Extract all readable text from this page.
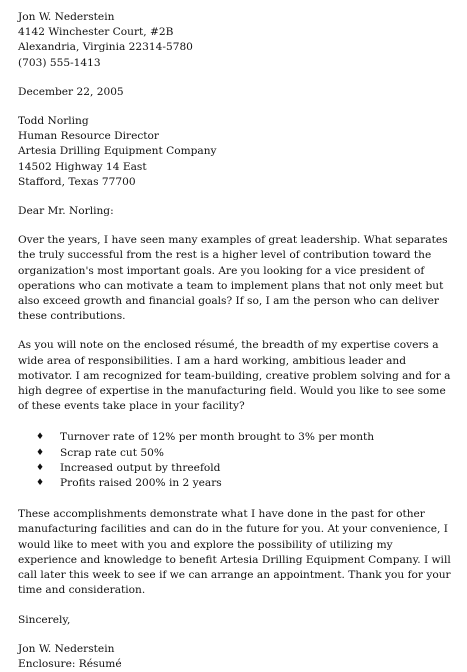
Jon W. Nederstein
4142 Winchester Court, #2B
Alexandria, Virginia 22314-5780
(703) 555-1413
December 22, 2005
Todd Norling
Human Resource Director
Artesia Drilling Equipment Company
14502 Highway 14 East
Stafford, Texas 77700
Dear Mr. Norling:
Over the years, I have seen many examples of great leadership. What separates the truly successful from the rest is a higher level of contribution toward the organization's most important goals. Are you looking for a vice president of operations who can motivate a team to implement plans that not only meet but also exceed growth and financial goals? If so, I am the person who can deliver these contributions.
As you will note on the enclosed résumé, the breadth of my expertise covers a wide area of responsibilities. I am a hard working, ambitious leader and motivator. I am recognized for team-building, creative problem solving and for a high degree of expertise in the manufacturing field. Would you like to see some of these events take place in your facility?
♦ Turnover rate of 12% per month brought to 3% per month
♦ Scrap rate cut 50%
♦ Increased output by threefold
♦ Profits raised 200% in 2 years
These accomplishments demonstrate what I have done in the past for other manufacturing facilities and can do in the future for you. At your convenience, I would like to meet with you and explore the possibility of utilizing my experience and knowledge to benefit Artesia Drilling Equipment Company. I will call later this week to see if we can arrange an appointment. Thank you for your time and consideration.
Sincerely,
Jon W. Nederstein
Enclosure: Résumé
